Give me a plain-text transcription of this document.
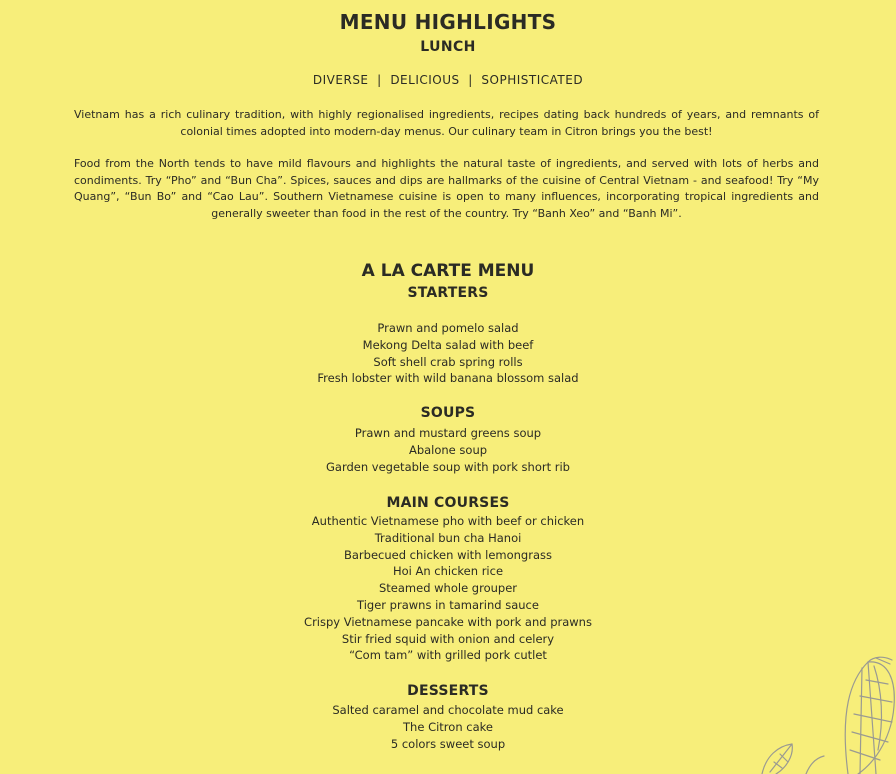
MENU HIGHLIGHTS
LUNCH
DIVERSE  |  DELICIOUS  |  SOPHISTICATED
Vietnam has a rich culinary tradition, with highly regionalised ingredients, recipes dating back hundreds of years, and remnants of colonial times adopted into modern-day menus. Our culinary team in Citron brings you the best!
Food from the North tends to have mild flavours and highlights the natural taste of ingredients, and served with lots of herbs and condiments. Try “Pho” and “Bun Cha”. Spices, sauces and dips are hallmarks of the cuisine of Central Vietnam - and seafood! Try “My Quang”, “Bun Bo” and “Cao Lau”. Southern Vietnamese cuisine is open to many influences, incorporating tropical ingredients and generally sweeter than food in the rest of the country. Try “Banh Xeo” and “Banh Mi”.
A LA CARTE MENU
STARTERS
Prawn and pomelo salad
Mekong Delta salad with beef
Soft shell crab spring rolls
Fresh lobster with wild banana blossom salad
SOUPS
Prawn and mustard greens soup
Abalone soup
Garden vegetable soup with pork short rib
MAIN COURSES
Authentic Vietnamese pho with beef or chicken
Traditional bun cha Hanoi
Barbecued chicken with lemongrass
Hoi An chicken rice
Steamed whole grouper
Tiger prawns in tamarind sauce
Crispy Vietnamese pancake with pork and prawns
Stir fried squid with onion and celery
“Com tam” with grilled pork cutlet
DESSERTS
Salted caramel and chocolate mud cake
The Citron cake
5 colors sweet soup
